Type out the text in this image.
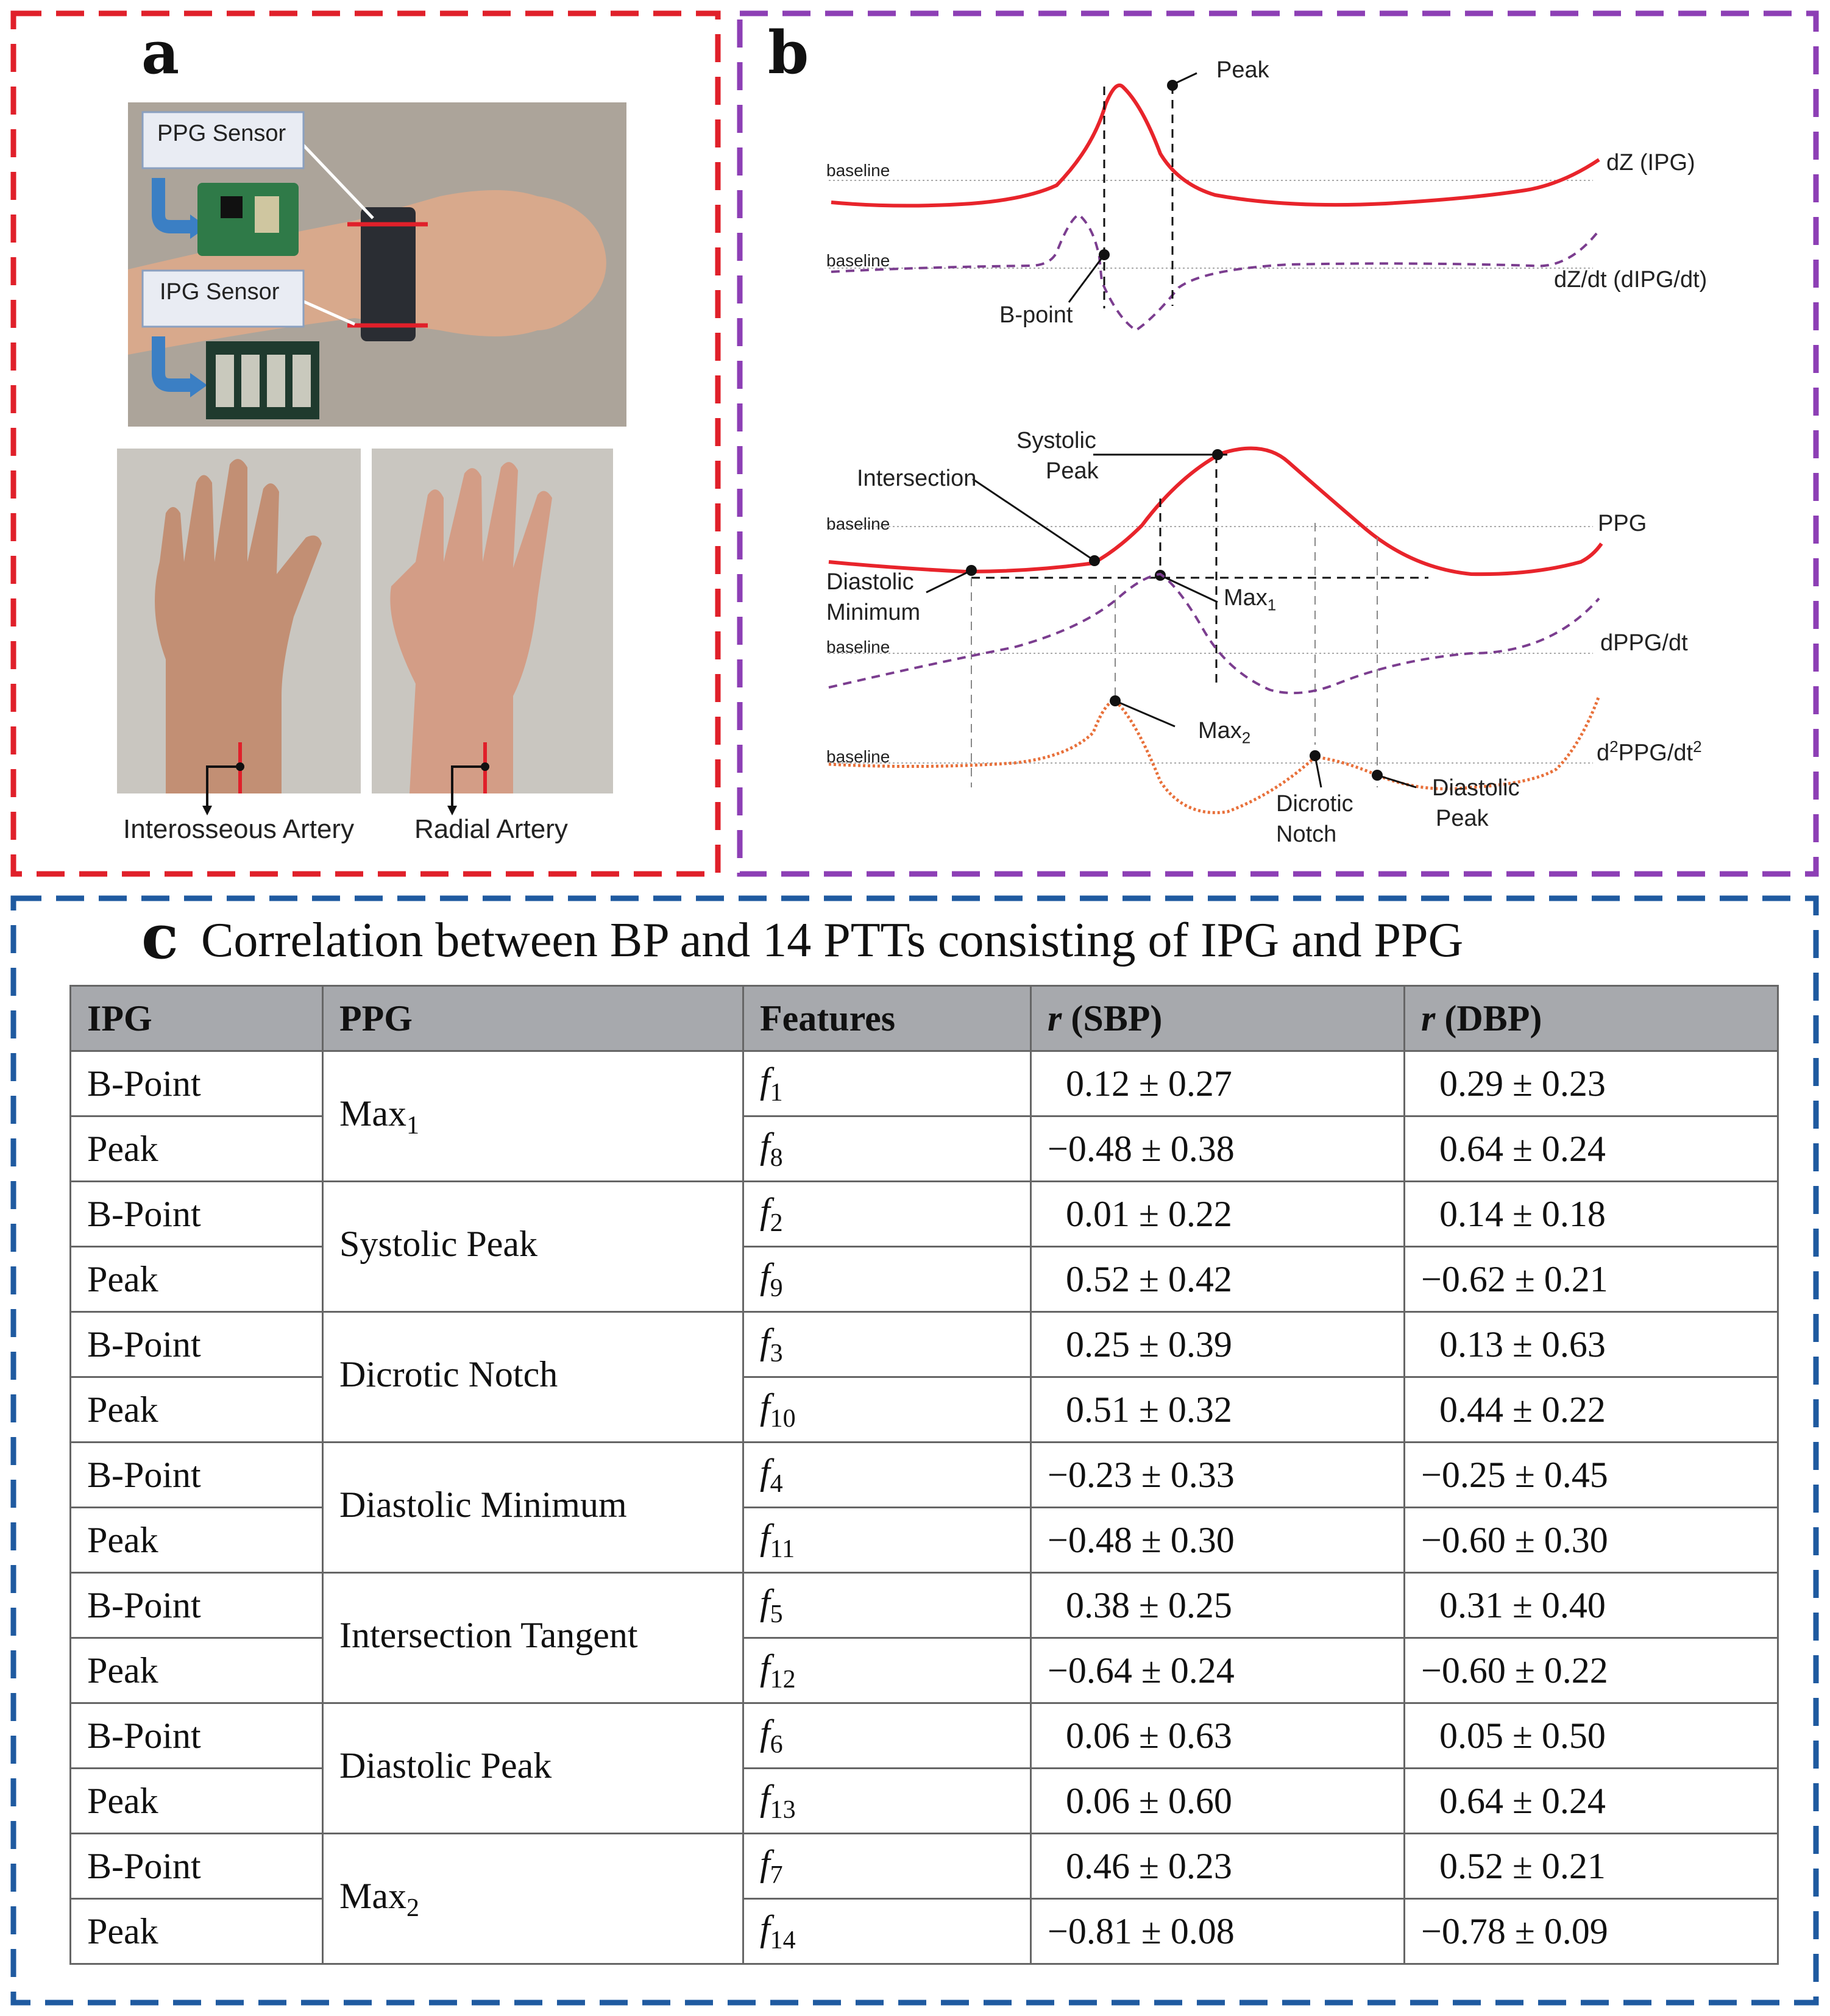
a
PPG Sensor
IPG Sensor
Interosseous Artery Radial Artery
b	Peak
baseline	dZ (IPG)
baseline
dZ/dt (dIPG/dt)
B-point
Systolic
Peak
Intersection
baseline	PPG
Diastolic
Minimum
Max$_1$
baseline	dPPG/dt
Max$_2$
baseline	$d^2PPG/dt^2$
Dicrotic
Notch
Diastolic
Peak
c Correlation between BP and 14 PTTs consisting of IPG and PPG
IPG	PPG	Features	r (SBP)	r (DBP)
B-Point	Max$_1$	$f_1$	0.12 ± 0.27	0.29 ± 0.23
Peak		$f_8$	−0.48 ± 0.38	0.64 ± 0.24
B-Point	Systolic Peak	$f_2$	0.01 ± 0.22	0.14 ± 0.18
Peak		$f_9$	0.52 ± 0.42	−0.62 ± 0.21
B-Point	Dicrotic Notch	$f_3$	0.25 ± 0.39	0.13 ± 0.63
Peak		$f_{10}$	0.51 ± 0.32	0.44 ± 0.22
B-Point	Diastolic Minimum	$f_4$	−0.23 ± 0.33	−0.25 ± 0.45
Peak		$f_{11}$	−0.48 ± 0.30	−0.60 ± 0.30
B-Point	Intersection Tangent	$f_5$	0.38 ± 0.25	0.31 ± 0.40
Peak		$f_{12}$	−0.64 ± 0.24	−0.60 ± 0.22
B-Point	Diastolic Peak	$f_6$	0.06 ± 0.63	0.05 ± 0.50
Peak		$f_{13}$	0.06 ± 0.60	0.64 ± 0.24
B-Point	Max$_2$	$f_7$	0.46 ± 0.23	0.52 ± 0.21
Peak		$f_{14}$	−0.81 ± 0.08	−0.78 ± 0.09
